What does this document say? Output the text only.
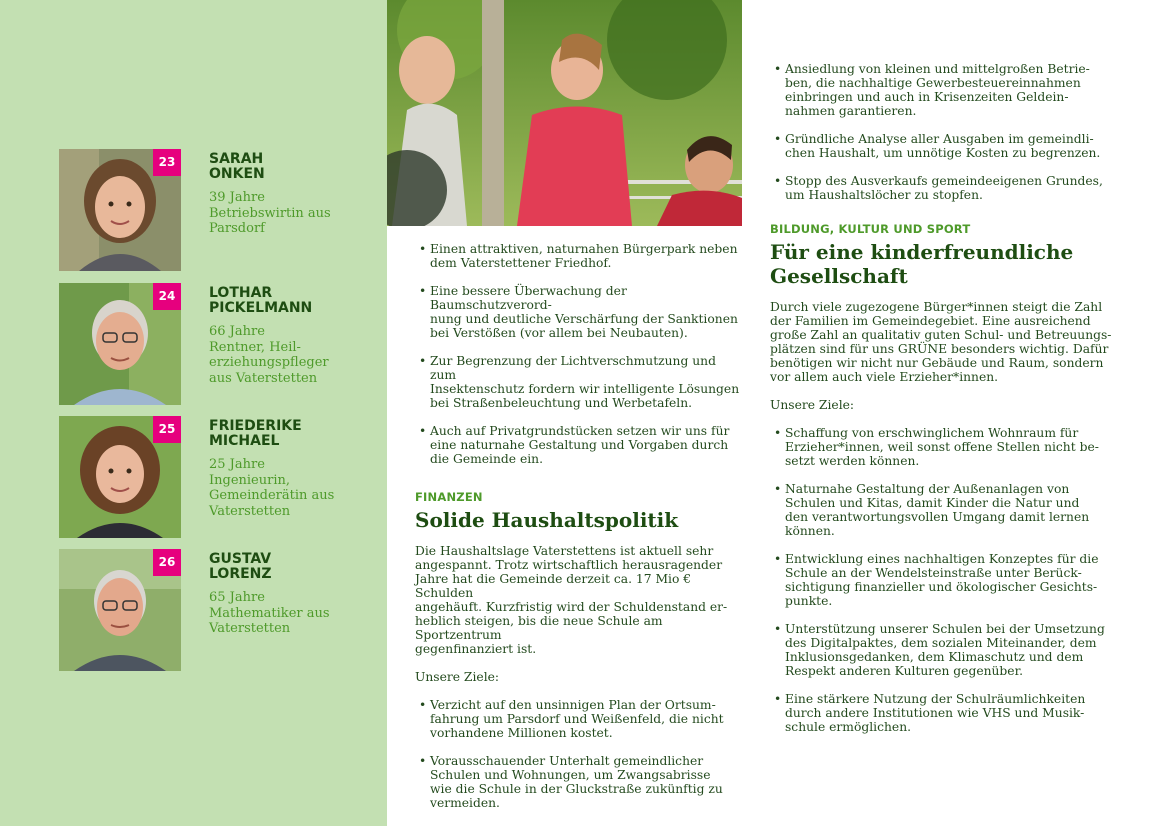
23	SARAH
ONKEN

39 Jahre
Betriebswirtin aus
Parsdorf

24	LOTHAR
PICKELMANN

66 Jahre
Rentner, Heil-
erziehungspfleger
aus Vaterstetten

25	FRIEDERIKE
MICHAEL

25 Jahre
Ingenieurin,
Gemeinderätin aus
Vaterstetten

26	GUSTAV
LORENZ

65 Jahre
Mathematiker aus
Vaterstetten

• Einen attraktiven, naturnahen Bürgerpark neben
dem Vaterstettener Friedhof.
• Eine bessere Überwachung der Baumschutzverord-
nung und deutliche Verschärfung der Sanktionen
bei Verstößen (vor allem bei Neubauten).
• Zur Begrenzung der Lichtverschmutzung und zum
Insektenschutz fordern wir intelligente Lösungen
bei Straßenbeleuchtung und Werbetafeln.
• Auch auf Privatgrundstücken setzen wir uns für
eine naturnahe Gestaltung und Vorgaben durch
die Gemeinde ein.
FINANZEN
Solide Haushaltspolitik

Die Haushaltslage Vaterstettens ist aktuell sehr
angespannt. Trotz wirtschaftlich herausragender
Jahre hat die Gemeinde derzeit ca. 17 Mio € Schulden
angehäuft. Kurzfristig wird der Schuldenstand er-
heblich steigen, bis die neue Schule am Sportzentrum
gegenfinanziert ist.

Unsere Ziele:

• Verzicht auf den unsinnigen Plan der Ortsum-
fahrung um Parsdorf und Weißenfeld, die nicht
vorhandene Millionen kostet.
• Vorausschauender Unterhalt gemeindlicher
Schulen und Wohnungen, um Zwangsabrisse
wie die Schule in der Gluckstraße zukünftig zu
vermeiden.
• Ansiedlung von kleinen und mittelgroßen Betrie-
ben, die nachhaltige Gewerbesteuereinnahmen
einbringen und auch in Krisenzeiten Geldein-
nahmen garantieren.
• Gründliche Analyse aller Ausgaben im gemeindli-
chen Haushalt, um unnötige Kosten zu begrenzen.
• Stopp des Ausverkaufs gemeindeeigenen Grundes,
um Haushaltslöcher zu stopfen.
BILDUNG, KULTUR UND SPORT
Für eine kinderfreundliche
Gesellschaft

Durch viele zugezogene Bürger*innen steigt die Zahl
der Familien im Gemeindegebiet. Eine ausreichend
große Zahl an qualitativ guten Schul- und Betreuungs-
plätzen sind für uns GRÜNE besonders wichtig. Dafür
benötigen wir nicht nur Gebäude und Raum, sondern
vor allem auch viele Erzieher*innen.

Unsere Ziele:

• Schaffung von erschwinglichem Wohnraum für
Erzieher*innen, weil sonst offene Stellen nicht be-
setzt werden können.
• Naturnahe Gestaltung der Außenanlagen von
Schulen und Kitas, damit Kinder die Natur und
den verantwortungsvollen Umgang damit lernen
können.
• Entwicklung eines nachhaltigen Konzeptes für die
Schule an der Wendelsteinstraße unter Berück-
sichtigung finanzieller und ökologischer Gesichts-
punkte.
• Unterstützung unserer Schulen bei der Umsetzung
des Digitalpaktes, dem sozialen Miteinander, dem
Inklusionsgedanken, dem Klimaschutz und dem
Respekt anderen Kulturen gegenüber.
• Eine stärkere Nutzung der Schulräumlichkeiten
durch andere Institutionen wie VHS und Musik-
schule ermöglichen.
